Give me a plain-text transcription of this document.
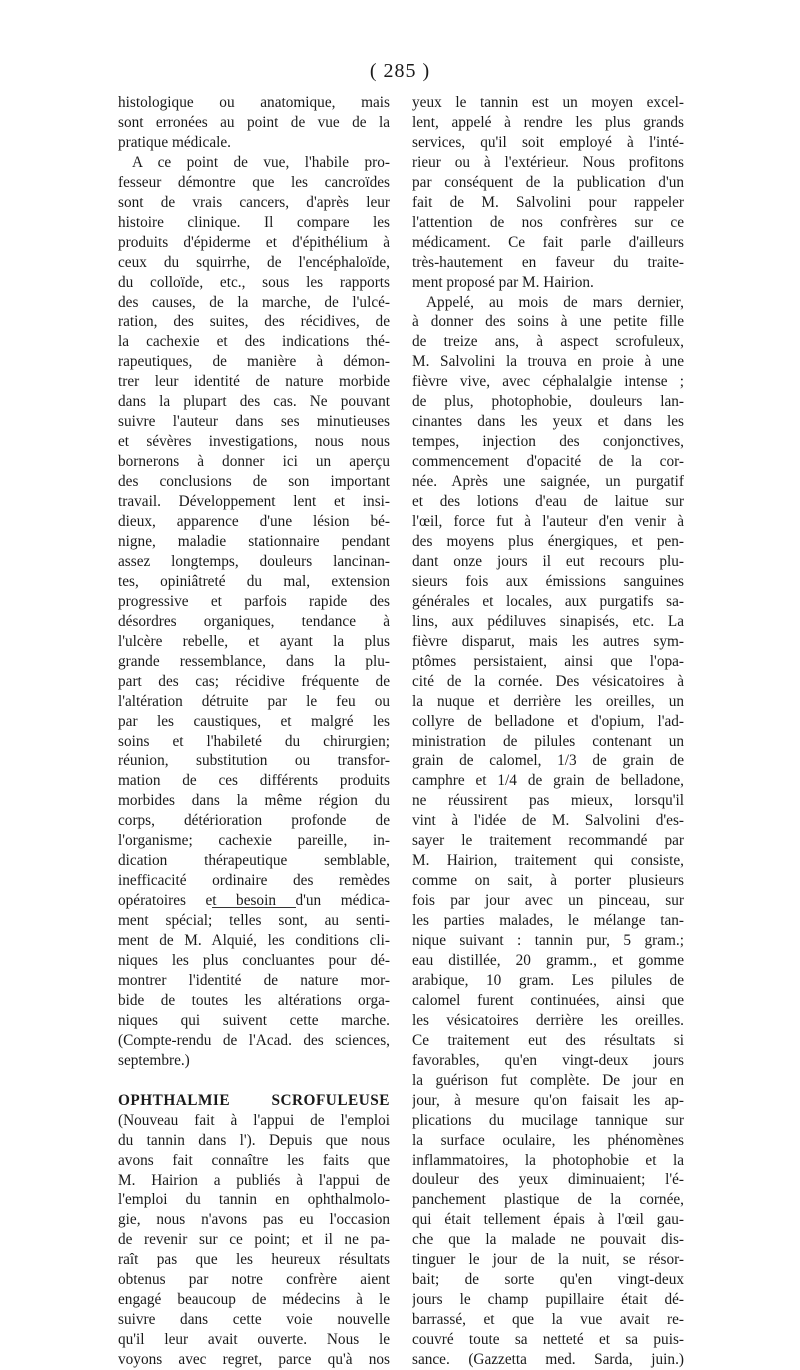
( 285 )
histologique ou anatomique, mais
sont erronées au point de vue de la
pratique médicale.
A ce point de vue, l'habile pro-
fesseur démontre que les cancroïdes
sont de vrais cancers, d'après leur
histoire clinique. Il compare les
produits d'épiderme et d'épithélium à
ceux du squirrhe, de l'encéphaloïde,
du colloïde, etc., sous les rapports
des causes, de la marche, de l'ulcé-
ration, des suites, des récidives, de
la cachexie et des indications thé-
rapeutiques, de manière à démon-
trer leur identité de nature morbide
dans la plupart des cas. Ne pouvant
suivre l'auteur dans ses minutieuses
et sévères investigations, nous nous
bornerons à donner ici un aperçu
des conclusions de son important
travail. Développement lent et insi-
dieux, apparence d'une lésion bé-
nigne, maladie stationnaire pendant
assez longtemps, douleurs lancinan-
tes, opiniâtreté du mal, extension
progressive et parfois rapide des
désordres organiques, tendance à
l'ulcère rebelle, et ayant la plus
grande ressemblance, dans la plu-
part des cas; récidive fréquente de
l'altération détruite par le feu ou
par les caustiques, et malgré les
soins et l'habileté du chirurgien;
réunion, substitution ou transfor-
mation de ces différents produits
morbides dans la même région du
corps, détérioration profonde de
l'organisme; cachexie pareille, in-
dication thérapeutique semblable,
inefficacité ordinaire des remèdes
opératoires et besoin d'un médica-
ment spécial; telles sont, au senti-
ment de M. Alquié, les conditions cli-
niques les plus concluantes pour dé-
montrer l'identité de nature mor-
bide de toutes les altérations orga-
niques qui suivent cette marche.
(Compte-rendu de l'Acad. des sciences,
septembre.)

OPHTHALMIE SCROFULEUSE
(Nouveau fait à l'appui de l'emploi
du tannin dans l'). Depuis que nous
avons fait connaître les faits que
M. Hairion a publiés à l'appui de
l'emploi du tannin en ophthalmolo-
gie, nous n'avons pas eu l'occasion
de revenir sur ce point; et il ne pa-
raît pas que les heureux résultats
obtenus par notre confrère aient
engagé beaucoup de médecins à le
suivre dans cette voie nouvelle
qu'il leur avait ouverte. Nous le
voyons avec regret, parce qu'à nos
yeux le tannin est un moyen excel-
lent, appelé à rendre les plus grands
services, qu'il soit employé à l'inté-
rieur ou à l'extérieur. Nous profitons
par conséquent de la publication d'un
fait de M. Salvolini pour rappeler
l'attention de nos confrères sur ce
médicament. Ce fait parle d'ailleurs
très-hautement en faveur du traite-
ment proposé par M. Hairion.
Appelé, au mois de mars dernier,
à donner des soins à une petite fille
de treize ans, à aspect scrofuleux,
M. Salvolini la trouva en proie à une
fièvre vive, avec céphalalgie intense ;
de plus, photophobie, douleurs lan-
cinantes dans les yeux et dans les
tempes, injection des conjonctives,
commencement d'opacité de la cor-
née. Après une saignée, un purgatif
et des lotions d'eau de laitue sur
l'œil, force fut à l'auteur d'en venir à
des moyens plus énergiques, et pen-
dant onze jours il eut recours plu-
sieurs fois aux émissions sanguines
générales et locales, aux purgatifs sa-
lins, aux pédiluves sinapisés, etc. La
fièvre disparut, mais les autres sym-
ptômes persistaient, ainsi que l'opa-
cité de la cornée. Des vésicatoires à
la nuque et derrière les oreilles, un
collyre de belladone et d'opium, l'ad-
ministration de pilules contenant un
grain de calomel, 1/3 de grain de
camphre et 1/4 de grain de belladone,
ne réussirent pas mieux, lorsqu'il
vint à l'idée de M. Salvolini d'es-
sayer le traitement recommandé par
M. Hairion, traitement qui consiste,
comme on sait, à porter plusieurs
fois par jour avec un pinceau, sur
les parties malades, le mélange tan-
nique suivant : tannin pur, 5 gram.;
eau distillée, 20 gramm., et gomme
arabique, 10 gram. Les pilules de
calomel furent continuées, ainsi que
les vésicatoires derrière les oreilles.
Ce traitement eut des résultats si
favorables, qu'en vingt-deux jours
la guérison fut complète. De jour en
jour, à mesure qu'on faisait les ap-
plications du mucilage tannique sur
la surface oculaire, les phénomènes
inflammatoires, la photophobie et la
douleur des yeux diminuaient; l'é-
panchement plastique de la cornée,
qui était tellement épais à l'œil gau-
che que la malade ne pouvait dis-
tinguer le jour de la nuit, se résor-
bait; de sorte qu'en vingt-deux
jours le champ pupillaire était dé-
barrassé, et que la vue avait re-
couvré toute sa netteté et sa puis-
sance. (Gazzetta med. Sarda, juin.)
